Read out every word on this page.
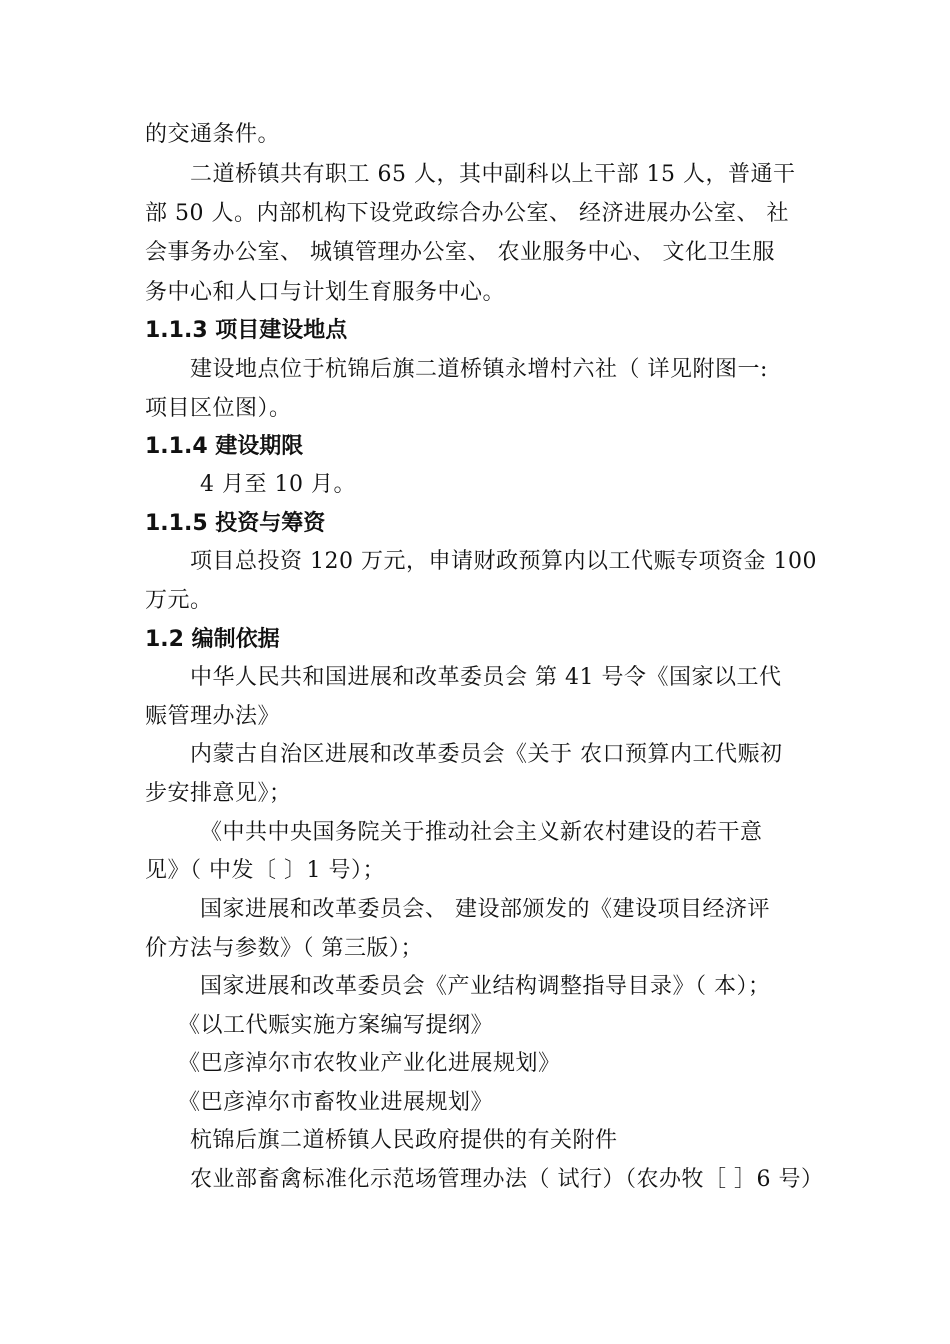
的交通条件。
二道桥镇共有职工 65 人，其中副科以上干部 15 人，普通干
部 50 人。内部机构下设党政综合办公室、 经济进展办公室、 社
会事务办公室、 城镇管理办公室、 农业服务中心、 文化卫生服
务中心和人口与计划生育服务中心。
1.1.3 项目建设地点
建设地点位于杭锦后旗二道桥镇永增村六社（ 详见附图一:
项目区位图）。
1.1.4 建设期限
4 月至 10 月。
1.1.5 投资与筹资
项目总投资 120 万元，申请财政预算内以工代赈专项资金 100
万元。
1.2 编制依据
中华人民共和国进展和改革委员会 第 41 号令《国家以工代
赈管理办法》
内蒙古自治区进展和改革委员会《关于 农口预算内工代赈初
步安排意见》；
《中共中央国务院关于推动社会主义新农村建设的若干意
见》（ 中发〔 〕1 号）；
国家进展和改革委员会、 建设部颁发的《建设项目经济评
价方法与参数》（ 第三版）；
国家进展和改革委员会《产业结构调整指导目录》（ 本）；
《以工代赈实施方案编写提纲》
《巴彦淖尔市农牧业产业化进展规划》
《巴彦淖尔市畜牧业进展规划》
杭锦后旗二道桥镇人民政府提供的有关附件
农业部畜禽标准化示范场管理办法（ 试行）（农办牧［ ］6 号）
